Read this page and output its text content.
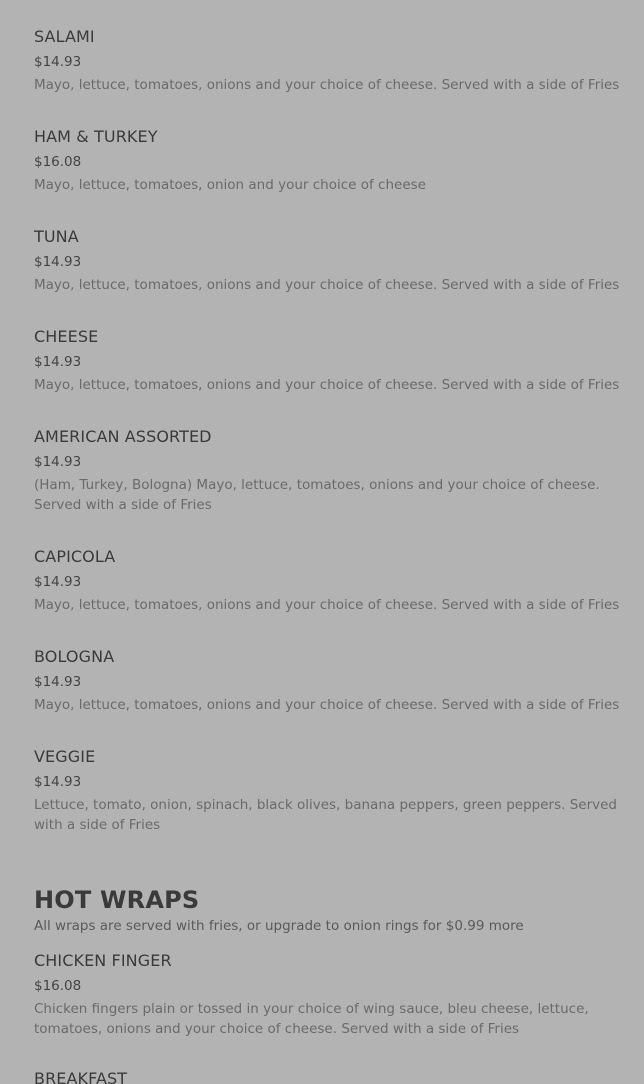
SALAMI
$14.93
Mayo, lettuce, tomatoes, onions and your choice of cheese. Served with a side of Fries
HAM & TURKEY
$16.08
Mayo, lettuce, tomatoes, onion and your choice of cheese
TUNA
$14.93
Mayo, lettuce, tomatoes, onions and your choice of cheese. Served with a side of Fries
CHEESE
$14.93
Mayo, lettuce, tomatoes, onions and your choice of cheese. Served with a side of Fries
AMERICAN ASSORTED
$14.93
(Ham, Turkey, Bologna) Mayo, lettuce, tomatoes, onions and your choice of cheese. Served with a side of Fries
CAPICOLA
$14.93
Mayo, lettuce, tomatoes, onions and your choice of cheese. Served with a side of Fries
BOLOGNA
$14.93
Mayo, lettuce, tomatoes, onions and your choice of cheese. Served with a side of Fries
VEGGIE
$14.93
Lettuce, tomato, onion, spinach, black olives, banana peppers, green peppers. Served with a side of Fries
HOT WRAPS
All wraps are served with fries, or upgrade to onion rings for $0.99 more
CHICKEN FINGER
$16.08
Chicken fingers plain or tossed in your choice of wing sauce, bleu cheese, lettuce, tomatoes, onions and your choice of cheese. Served with a side of Fries
BREAKFAST
